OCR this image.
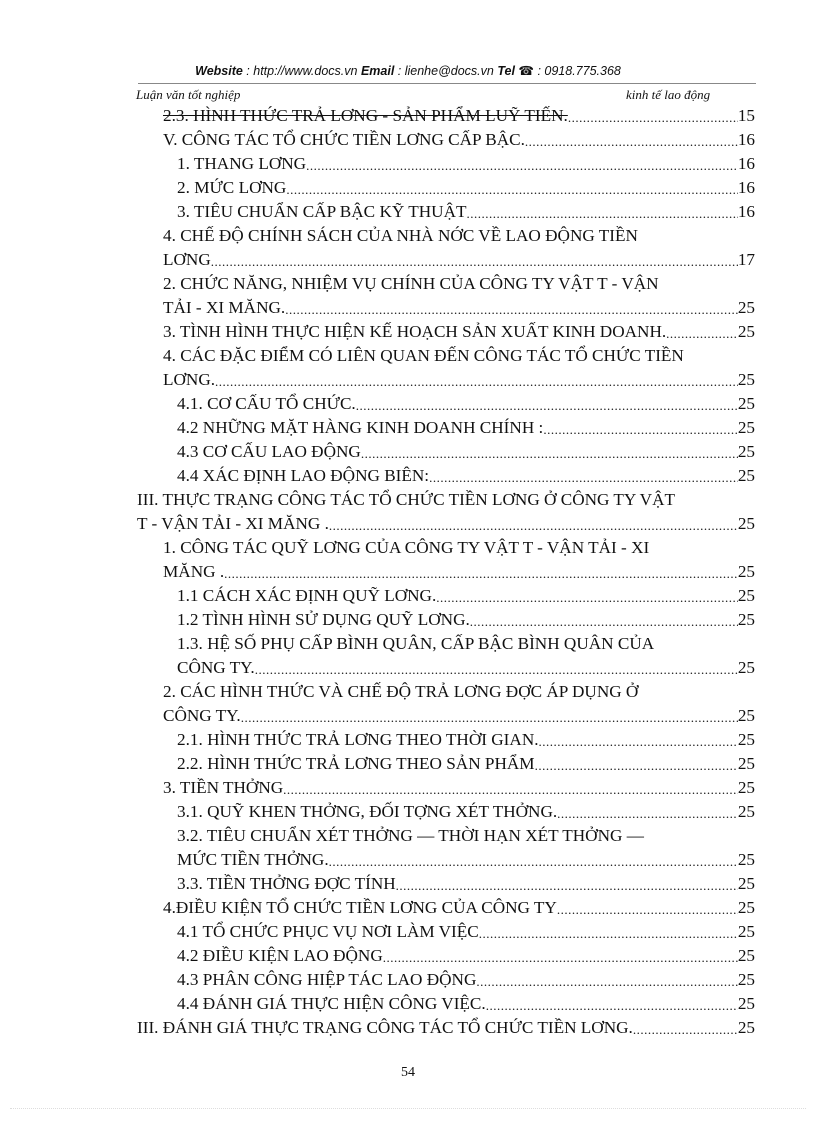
Website : http://www.docs.vn Email : lienhe@docs.vn Tel ☎ : 0918.775.368
Luận văn tốt nghiệp	kinh tế lao động
2.3. HÌNH THỨC TRẢ LƠNG - SẢN PHẨM LUỸ TIẾN. .....	15
V. CÔNG TÁC TỔ CHỨC TIỀN LƠNG CẤP BẬC. .....	16
1. THANG LƠNG .....	16
2. MỨC LƠNG .....	16
3. TIÊU CHUẨN CẤP BẬC KỸ THUẬT .....	16
4. CHẾ ĐỘ CHÍNH SÁCH CỦA NHÀ NỚC VỀ LAO ĐỘNG TIỀN
LƠNG .....	17
2. CHỨC NĂNG, NHIỆM VỤ CHÍNH CỦA CÔNG TY VẬT T - VẬN
TẢI - XI MĂNG. .....	25
3. TÌNH HÌNH THỰC HIỆN KẾ HOẠCH SẢN XUẤT KINH DOANH. .....	25
4. CÁC ĐẶC ĐIỂM CÓ LIÊN QUAN ĐẾN CÔNG TÁC TỔ CHỨC TIỀN
LƠNG. .....	25
4.1. CƠ CẤU TỔ CHỨC. .....	25
4.2 NHỮNG MẶT HÀNG KINH DOANH CHÍNH : .....	25
4.3 CƠ CẤU LAO ĐỘNG .....	25
4.4 XÁC ĐỊNH LAO ĐỘNG BIÊN: .....	25
III. THỰC TRẠNG CÔNG TÁC TỔ CHỨC TIỀN LƠNG Ở CÔNG TY VẬT
T - VẬN TẢI - XI MĂNG . .....	25
1. CÔNG TÁC QUỸ LƠNG CỦA CÔNG TY VẬT T - VẬN TẢI - XI
MĂNG . .....	25
1.1 CÁCH XÁC ĐỊNH QUỸ LƠNG. .....	25
1.2 TÌNH HÌNH SỬ DỤNG QUỸ LƠNG. .....	25
1.3. HỆ SỐ PHỤ CẤP BÌNH QUÂN, CẤP BẬC BÌNH QUÂN CỦA
CÔNG TY. .....	25
2. CÁC HÌNH THỨC VÀ CHẾ ĐỘ TRẢ LƠNG ĐỢC ÁP DỤNG Ở
CÔNG TY. .....	25
2.1. HÌNH THỨC TRẢ LƠNG THEO THỜI GIAN. .....	25
2.2. HÌNH THỨC TRẢ LƠNG THEO SẢN PHẨM .....	25
3. TIỀN THỞNG .....	25
3.1. QUỸ KHEN THỞNG, ĐỐI TỢNG XÉT THỞNG. .....	25
3.2. TIÊU CHUẨN XÉT THỞNG — THỜI HẠN XÉT THỞNG —
MỨC TIỀN THỞNG. .....	25
3.3. TIỀN THỞNG ĐỢC TÍNH .....	25
4.ĐIỀU KIỆN TỔ CHỨC TIỀN LƠNG CỦA CÔNG TY .....	25
4.1 TỔ CHỨC PHỤC VỤ NƠI LÀM VIỆC .....	25
4.2 ĐIỀU KIỆN LAO ĐỘNG .....	25
4.3 PHÂN CÔNG HIỆP TÁC LAO ĐỘNG .....	25
4.4 ĐÁNH GIÁ THỰC HIỆN CÔNG VIỆC. .....	25
III. ĐÁNH GIÁ THỰC TRẠNG CÔNG TÁC TỔ CHỨC TIỀN LƠNG. .....	25
54
